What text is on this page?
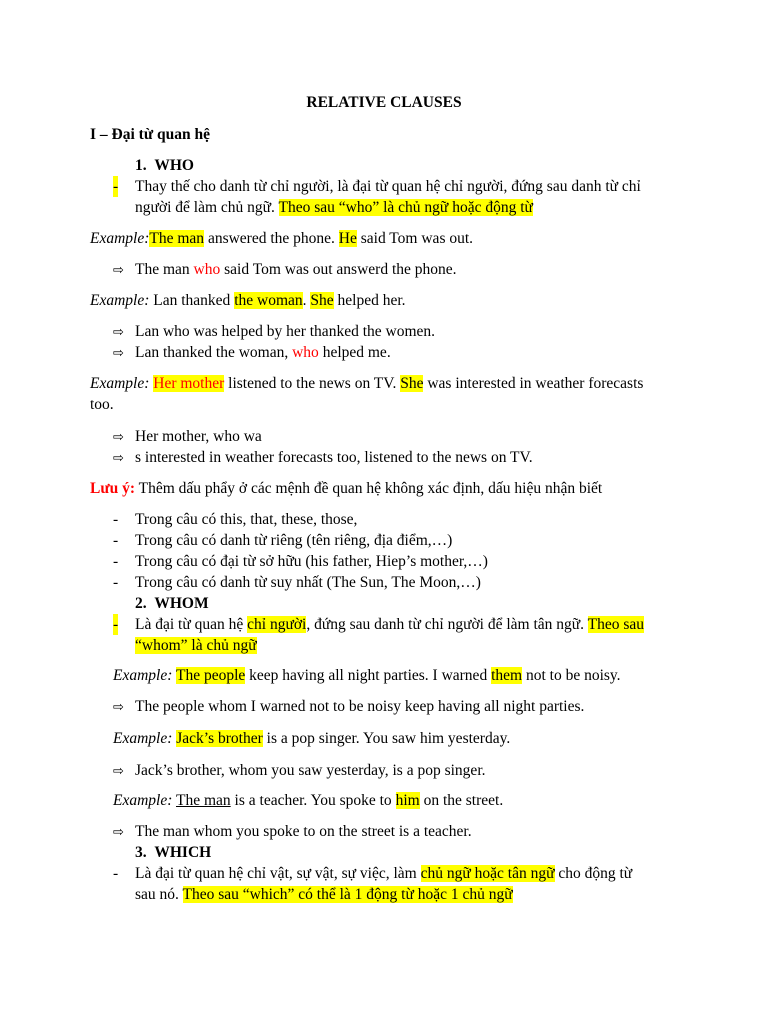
RELATIVE CLAUSES
I – Đại từ quan hệ
1. WHO
- Thay thế cho danh từ chỉ người, là đại từ quan hệ chỉ người, đứng sau danh từ chỉ
người để làm chủ ngữ. Theo sau “who” là chủ ngữ hoặc động từ
Example:The man answered the phone. He said Tom was out.
⇨ The man who said Tom was out answerd the phone.
Example: Lan thanked the woman. She helped her.
⇨ Lan who was helped by her thanked the women.
⇨ Lan thanked the woman, who helped me.
Example: Her mother listened to the news on TV. She was interested in weather forecasts
too.
⇨ Her mother, who wa
⇨ s interested in weather forecasts too, listened to the news on TV.
Lưu ý: Thêm dấu phẩy ở các mệnh đề quan hệ không xác định, dấu hiệu nhận biết
- Trong câu có this, that, these, those,
- Trong câu có danh từ riêng (tên riêng, địa điểm,…)
- Trong câu có đại từ sở hữu (his father, Hiep’s mother,…)
- Trong câu có danh từ suy nhất (The Sun, The Moon,…)
2. WHOM
- Là đại từ quan hệ chỉ người, đứng sau danh từ chỉ người để làm tân ngữ. Theo sau
“whom” là chủ ngữ
Example: The people keep having all night parties. I warned them not to be noisy.
⇨ The people whom I warned not to be noisy keep having all night parties.
Example: Jack’s brother is a pop singer. You saw him yesterday.
⇨ Jack’s brother, whom you saw yesterday, is a pop singer.
Example: The man is a teacher. You spoke to him on the street.
⇨ The man whom you spoke to on the street is a teacher.
3. WHICH
- Là đại từ quan hệ chỉ vật, sự vật, sự việc, làm chủ ngữ hoặc tân ngữ cho động từ
sau nó. Theo sau “which” có thể là 1 động từ hoặc 1 chủ ngữ
